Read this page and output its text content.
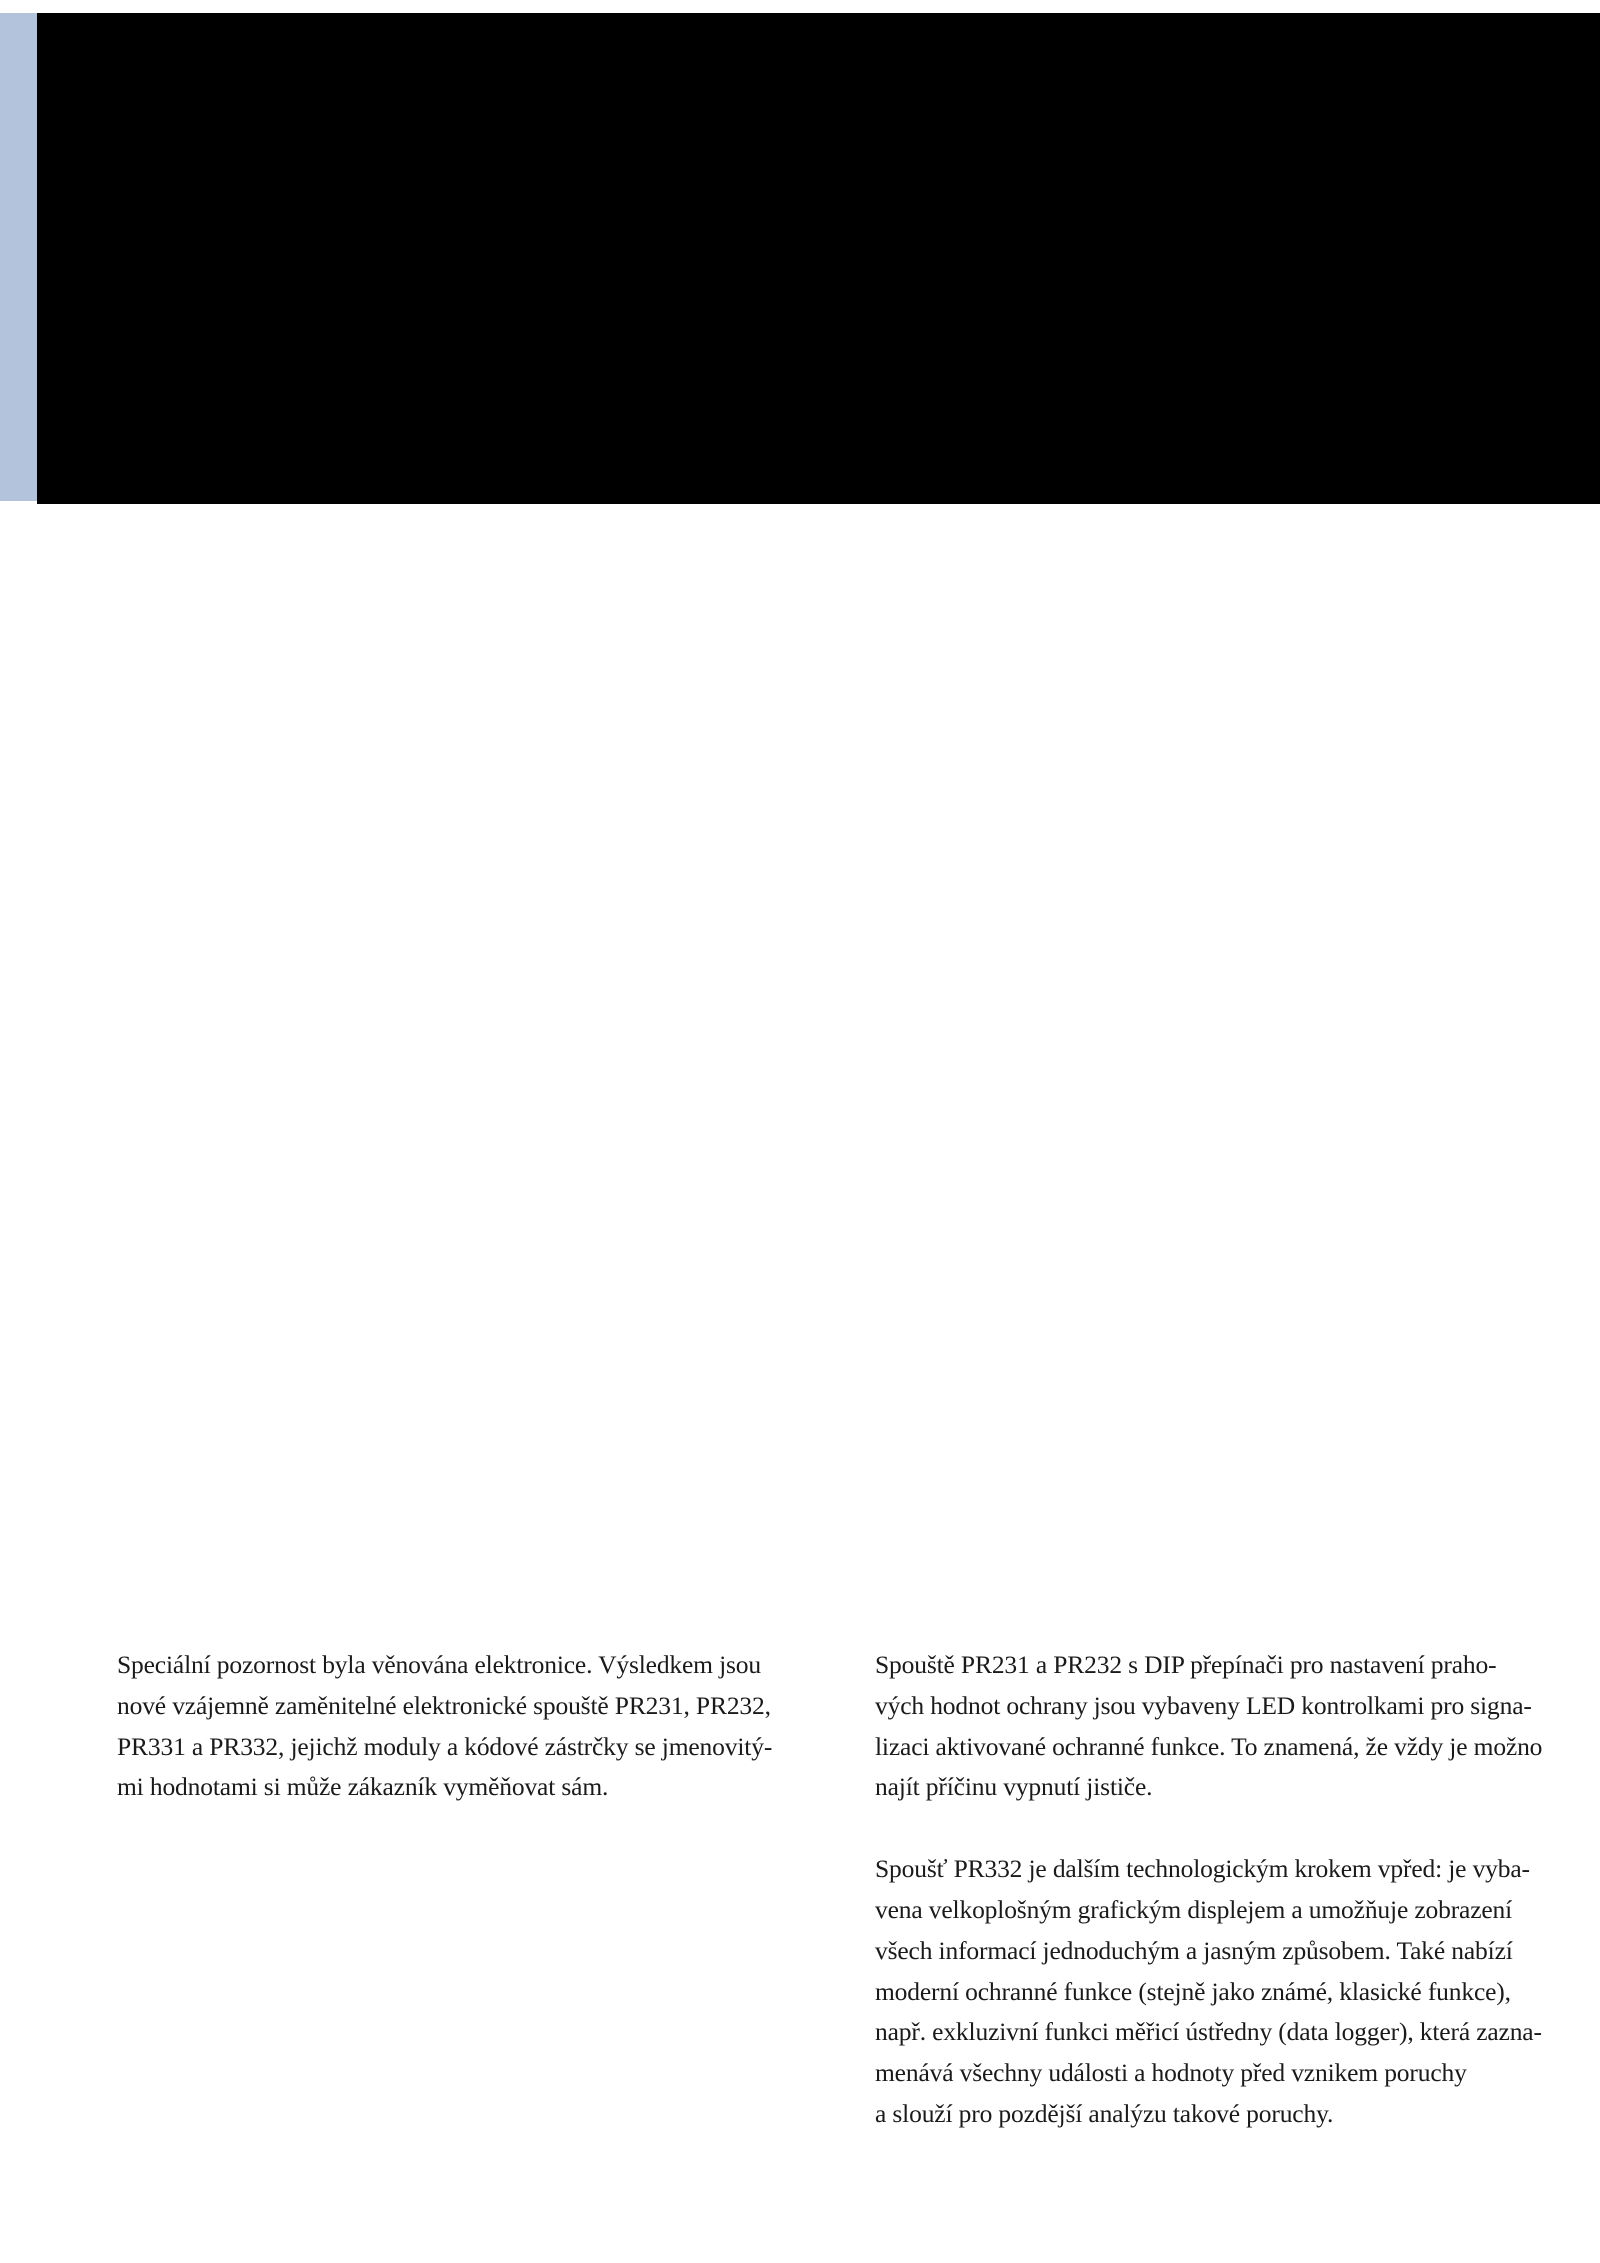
Speciální pozornost byla věnována elektronice. Výsledkem jsou
nové vzájemně zaměnitelné elektronické spouště PR231, PR232,
PR331 a PR332, jejichž moduly a kódové zástrčky se jmenovitý-
mi hodnotami si může zákazník vyměňovat sám.

Spouště PR231 a PR232 s DIP přepínači pro nastavení praho-
vých hodnot ochrany jsou vybaveny LED kontrolkami pro signa-
lizaci aktivované ochranné funkce. To znamená, že vždy je možno
najít příčinu vypnutí jističe.

Spoušť PR332 je dalším technologickým krokem vpřed: je vyba-
vena velkoplošným grafickým displejem a umožňuje zobrazení
všech informací jednoduchým a jasným způsobem. Také nabízí
moderní ochranné funkce (stejně jako známé, klasické funkce),
např. exkluzivní funkci měřicí ústředny (data logger), která zazna-
menává všechny události a hodnoty před vznikem poruchy
a slouží pro pozdější analýzu takové poruchy.
